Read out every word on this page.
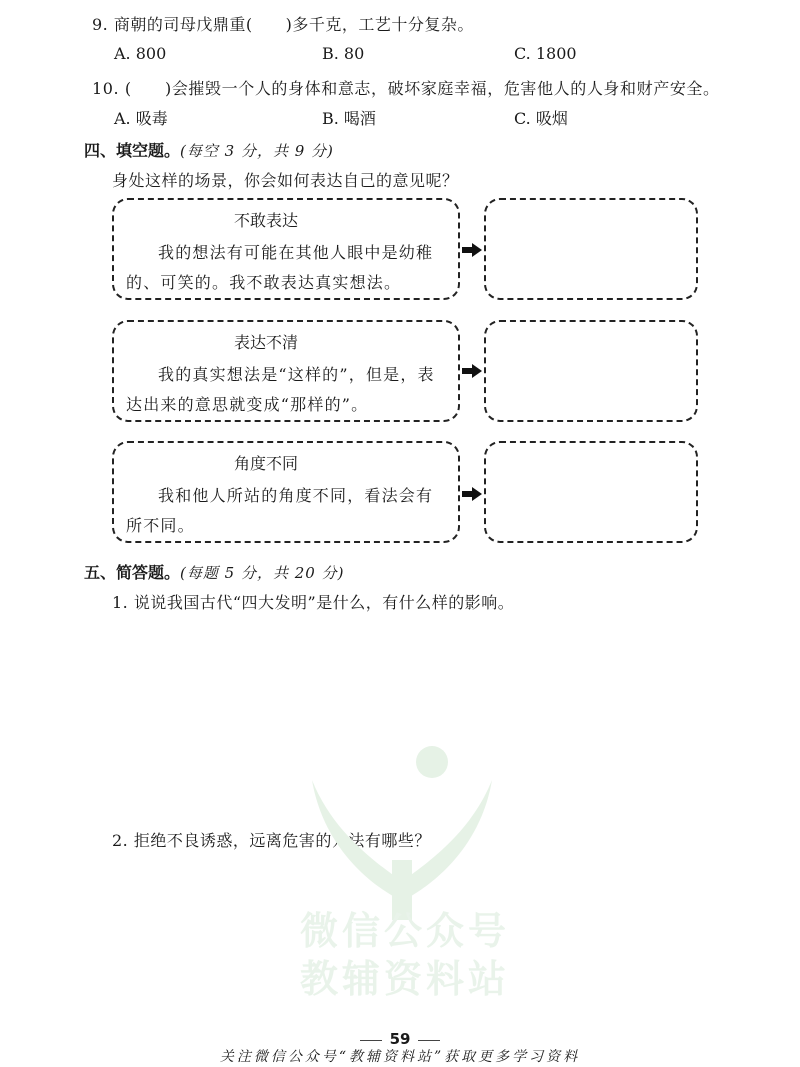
9. 商朝的司母戊鼎重(　　)多千克，工艺十分复杂。
A. 800	B. 80	C. 1800
10. (　　)会摧毁一个人的身体和意志，破坏家庭幸福，危害他人的人身和财产安全。
A. 吸毒	B. 喝酒	C. 吸烟
四、填空题。(每空 3 分，共 9 分)
身处这样的场景，你会如何表达自己的意见呢？
不敢表达
我的想法有可能在其他人眼中是幼稚的、可笑的。我不敢表达真实想法。
表达不清
我的真实想法是“这样的”，但是，表达出来的意思就变成“那样的”。
角度不同
我和他人所站的角度不同，看法会有所不同。
五、简答题。(每题 5 分，共 20 分)
1. 说说我国古代“四大发明”是什么，有什么样的影响。
2. 拒绝不良诱惑，远离危害的方法有哪些？
微信公众号
教辅资料站
59
关注微信公众号“教辅资料站”获取更多学习资料
